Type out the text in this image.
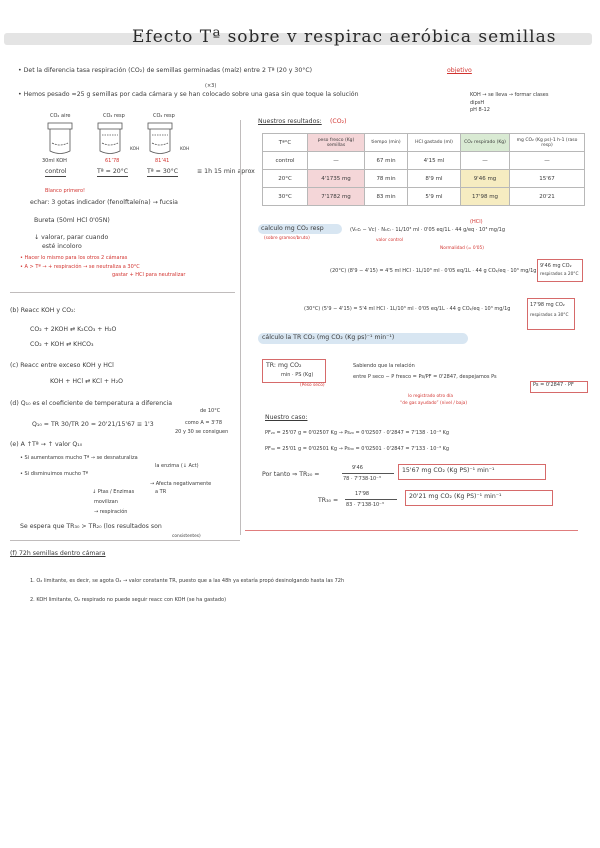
Efecto Tª sobre v respirac aeróbica semillas
• Det la diferencia tasa respiración (CO₂) de semillas germinadas (maíz) entre 2 Tª (20 y 30°C)	objetivo
(×3)
• Hemos pesado ≈25 g semillas por cada cámara y se han colocado sobre una gasa sin que toque la solución	KOH → se lleva → formar clases
dipsH
pH 8-12
CO₂ aire	CO₂ resp	CO₂ resp
KOH	KOH
30ml KOH	61’78	81’41
control	Tª = 20°C	Tª = 30°C	≡ 1h 15 min aprox
Blanco primero!
echar: 3 gotas indicador (fenolftaleína) → fucsia
Bureta (50ml HCl 0'05N)
↓ valorar, parar cuando
esté incoloro
• Hacer lo mismo para los otros 2 cámaras
• A > Tª → + respiración → se neutraliza a 30°C
gastar + HCl para neutralizar
Nuestros resultados: (CO₂)
Tª°C	peso fresco (Kg) semillas	tiempo (min)	HCl gastado (ml)	CO₂ respirado (Kg)	mg CO₂ (Kg ps)-1 h-1 (raso resp)
control	—	67 min	4'15 ml	—	—
20°C	4'1735 mg	78 min	8'9 ml	9'46 mg	15'67
30°C	7'1782 mg	83 min	5'9 ml	17'98 mg	20'21
calculo mg CO₂ resp
(sobre gramos/bruto)
(HCl)
(Vₕcₗ − Vc) · Nₕcₗ · 1L/10³ ml · 0'05 eq/1L · 44 g/eq · 10³ mg/1g
valor control
Normalidad (= 0'05)
(20°C) (8'9 − 4'15) = 4'5 ml HCl · 1L/10³ ml · 0'05 eq/1L · 44 g CO₂/eq · 10³ mg/1g
9'46 mg CO₂
respirados a 20°C
(30°C) (5'9 − 4'15) = 5'4 ml HCl · 1L/10³ ml · 0'05 eq/1L · 44 g CO₂/eq · 10³ mg/1g
17'98 mg CO₂
respirados a 30°C
cálculo la TR CO₂ (mg CO₂ (Kg ps)⁻¹ min⁻¹)
TR: mg CO₂
min · PS (Kg)
(Peso seco)
Sabiendo que la relación
entre P seco − P fresco = Ps/PF = 0'2847, despejamos Ps
Ps = 0'2847 · PF
lo registrado otro día
“de gas ayudado” (nivel / baja)
Nuestro caso:
PF₂₀ = 25'07 g = 0'02507 Kg → Ps₂₀ = 0'02507 · 0'2847 = 7'138 · 10⁻³ Kg
PF₃₀ = 25'01 g = 0'02501 Kg → Ps₃₀ = 0'02501 · 0'2847 = 7'133 · 10⁻³ Kg
Por tanto ⇒ TR₂₀ =
9'46
78 · 7'738·10⁻³
15'67 mg CO₂ (Kg PS)⁻¹ min⁻¹
TR₃₀ =
17'98
83 · 7'138·10⁻³
20'21 mg CO₂ (Kg PS)⁻¹ min⁻¹
(b) Reacc KOH y CO₂:
CO₂ + 2KOH ⇄ K₂CO₃ + H₂O
CO₂ + KOH ⇄ KHCO₃
(c) Reacc entre exceso KOH y HCl
KOH + HCl ⇄ KCl + H₂O
(d) Q₁₀ es el coeficiente de temperatura a diferencia
de 10°C
Q₁₀ = TR 30/TR 20 = 20'21/15'67 ≡ 1'3	como A = 3'78
20 y 30 se consiguen
(e) A ↑Tª → ↑ valor Q₁₀
• Si aumentamos mucho Tª → se desnaturaliza
la enzima (↓ Act)
• Si disminuimos mucho Tª
↓ Ptas / Enzimas
→ Afecta negativamente
a TR
movilizan
→ respiración
Se espera que TR₃₀ > TR₂₀ (los resultados son
consistentes)
(f) 72h semillas dentro cámara
1. O₂ limitante, es decir, se agota O₂ → valor constante TR, puesto que a las 48h ya estaría propó desinolgando hasta las 72h
2. KOH limitante, O₂ respirado no puede seguir reacc con KOH (se ha gastado)
